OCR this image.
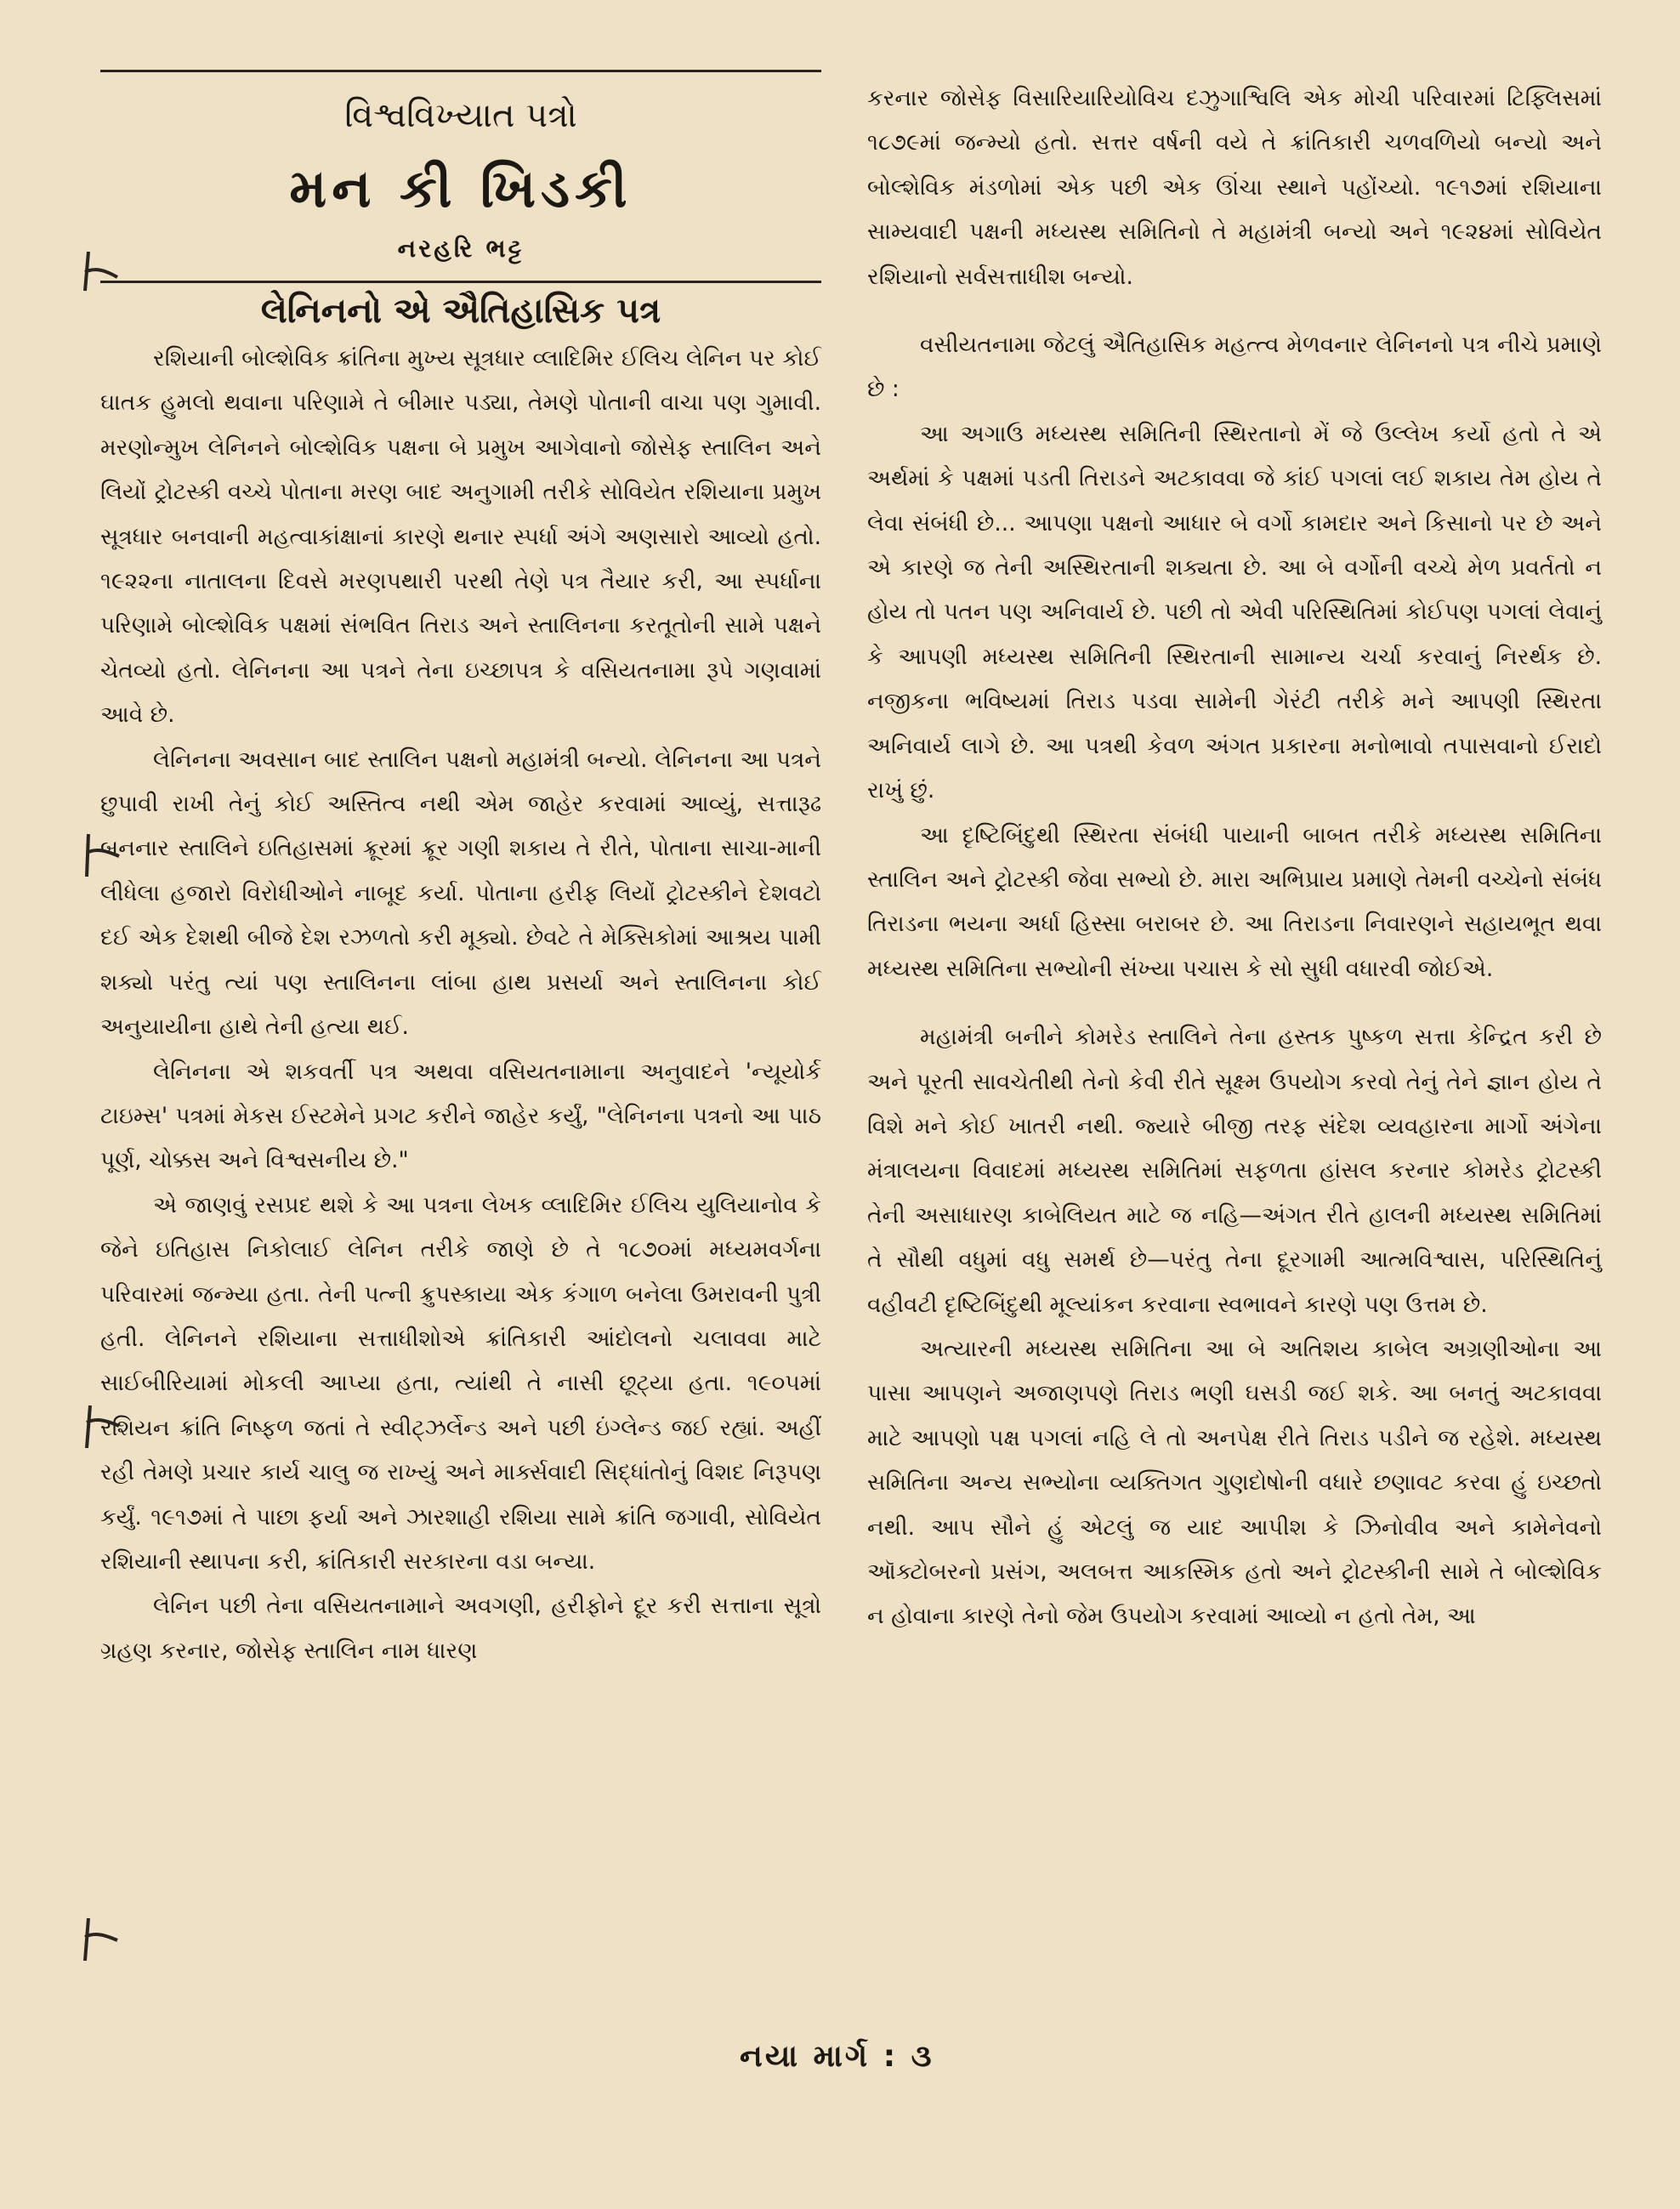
વિશ્વવિખ્યાત પત્રો
મન કી ખિડકી
નરહરિ ભટ્ટ
લેનિનનો એ ઐતિહાસિક પત્ર

રશિયાની બોલ્શેવિક ક્રાંતિના મુખ્ય સૂત્રધાર વ્લાદિમિર ઈલિચ લેનિન પર કોઈ ઘાતક હુમલો થવાના પરિણામે તે બીમાર પડ્યા, તેમણે પોતાની વાચા પણ ગુમાવી. મરણોન્મુખ લેનિનને બોલ્શેવિક પક્ષના બે પ્રમુખ આગેવાનો જોસેફ સ્તાલિન અને લિયોં ટ્રોટસ્કી વચ્ચે પોતાના મરણ બાદ અનુગામી તરીકે સોવિયેત રશિયાના પ્રમુખ સૂત્રધાર બનવાની મહત્વાકાંક્ષાનાં કારણે થનાર સ્પર્ધા અંગે અણસારો આવ્યો હતો. ૧૯૨૨ના નાતાલના દિવસે મરણપથારી પરથી તેણે પત્ર તૈયાર કરી, આ સ્પર્ધાના પરિણામે બોલ્શેવિક પક્ષમાં સંભવિત તિરાડ અને સ્તાલિનના કરતૂતોની સામે પક્ષને ચેતવ્યો હતો. લેનિનના આ પત્રને તેના ઇચ્છાપત્ર કે વસિયતનામા રૂપે ગણવામાં આવે છે.

લેનિનના અવસાન બાદ સ્તાલિન પક્ષનો મહામંત્રી બન્યો. લેનિનના આ પત્રને છુપાવી રાખી તેનું કોઈ અસ્તિત્વ નથી એમ જાહેર કરવામાં આવ્યું, સત્તારૂઢ બનનાર સ્તાલિને ઇતિહાસમાં ક્રૂરમાં ક્રૂર ગણી શકાય તે રીતે, પોતાના સાચા-માની લીધેલા હજારો વિરોધીઓને નાબૂદ કર્યા. પોતાના હરીફ લિયોં ટ્રોટસ્કીને દેશવટો દઈ એક દેશથી બીજે દેશ રઝળતો કરી મૂક્યો. છેવટે તે મેક્સિકોમાં આશ્રય પામી શક્યો પરંતુ ત્યાં પણ સ્તાલિનના લાંબા હાથ પ્રસર્યા અને સ્તાલિનના કોઈ અનુયાયીના હાથે તેની હત્યા થઈ.

લેનિનના એ શકવર્તી પત્ર અથવા વસિયતનામાના અનુવાદને 'ન્યૂયોર્ક ટાઇમ્સ' પત્રમાં મેકસ ઈસ્ટમેને પ્રગટ કરીને જાહેર કર્યું, "લેનિનના પત્રનો આ પાઠ પૂર્ણ, ચોક્કસ અને વિશ્વસનીય છે."

એ જાણવું રસપ્રદ થશે કે આ પત્રના લેખક વ્લાદિમિર ઈલિચ યુલિયાનોવ કે જેને ઇતિહાસ નિકોલાઈ લેનિન તરીકે જાણે છે તે ૧૮૭૦માં મધ્યમવર્ગના પરિવારમાં જન્મ્યા હતા. તેની પત્ની ક્રુપસ્કાયા એક કંગાળ બનેલા ઉમરાવની પુત્રી હતી. લેનિનને રશિયાના સત્તાધીશોએ ક્રાંતિકારી આંદોલનો ચલાવવા માટે સાઈબીરિયામાં મોકલી આપ્યા હતા, ત્યાંથી તે નાસી છૂટ્યા હતા. ૧૯૦૫માં રશિયન ક્રાંતિ નિષ્ફળ જતાં તે સ્વીટ્ઝર્લેન્ડ અને પછી ઇંગ્લેન્ડ જઈ રહ્યાં. અહીં રહી તેમણે પ્રચાર કાર્ય ચાલુ જ રાખ્યું અને માર્ક્સવાદી સિદ્ધાંતોનું વિશદ નિરૂપણ કર્યું. ૧૯૧૭માં તે પાછા ફર્યા અને ઝારશાહી રશિયા સામે ક્રાંતિ જગાવી, સોવિયેત રશિયાની સ્થાપના કરી, ક્રાંતિકારી સરકારના વડા બન્યા.

લેનિન પછી તેના વસિયતનામાને અવગણી, હરીફોને દૂર કરી સત્તાના સૂત્રો ગ્રહણ કરનાર, જોસેફ સ્તાલિન નામ ધારણ

કરનાર જોસેફ વિસારિયારિયોવિચ દઝુગાશ્વિલિ એક મોચી પરિવારમાં ટિફ્લિસમાં ૧૮૭૯માં જન્મ્યો હતો. સત્તર વર્ષની વયે તે ક્રાંતિકારી ચળવળિયો બન્યો અને બોલ્શેવિક મંડળોમાં એક પછી એક ઊંચા સ્થાને પહોંચ્યો. ૧૯૧૭માં રશિયાના સામ્યવાદી પક્ષની મધ્યસ્થ સમિતિનો તે મહામંત્રી બન્યો અને ૧૯૨૪માં સોવિયેત રશિયાનો સર્વસત્તાધીશ બન્યો.

વસીયતનામા જેટલું ઐતિહાસિક મહત્ત્વ મેળવનાર લેનિનનો પત્ર નીચે પ્રમાણે છે :

આ અગાઉ મધ્યસ્થ સમિતિની સ્થિરતાનો મેં જે ઉલ્લેખ કર્યો હતો તે એ અર્થમાં કે પક્ષમાં પડતી તિરાડને અટકાવવા જે કાંઈ પગલાં લઈ શકાય તેમ હોય તે લેવા સંબંધી છે... આપણા પક્ષનો આધાર બે વર્ગો કામદાર અને કિસાનો પર છે અને એ કારણે જ તેની અસ્થિરતાની શક્યતા છે. આ બે વર્ગોની વચ્ચે મેળ પ્રવર્તતો ન હોય તો પતન પણ અનિવાર્ય છે. પછી તો એવી પરિસ્થિતિમાં કોઈપણ પગલાં લેવાનું કે આપણી મધ્યસ્થ સમિતિની સ્થિરતાની સામાન્ય ચર્ચા કરવાનું નિરર્થક છે. નજીકના ભવિષ્યમાં તિરાડ પડવા સામેની ગેરંટી તરીકે મને આપણી સ્થિરતા અનિવાર્ય લાગે છે. આ પત્રથી કેવળ અંગત પ્રકારના મનોભાવો તપાસવાનો ઈરાદો રાખું છું.

આ દૃષ્ટિબિંદુથી સ્થિરતા સંબંધી પાયાની બાબત તરીકે મધ્યસ્થ સમિતિના સ્તાલિન અને ટ્રોટસ્કી જેવા સભ્યો છે. મારા અભિપ્રાય પ્રમાણે તેમની વચ્ચેનો સંબંધ તિરાડના ભયના અર્ધા હિસ્સા બરાબર છે. આ તિરાડના નિવારણને સહાયભૂત થવા મધ્યસ્થ સમિતિના સભ્યોની સંખ્યા પચાસ કે સો સુધી વધારવી જોઈએ.

મહામંત્રી બનીને કોમરેડ સ્તાલિને તેના હસ્તક પુષ્કળ સત્તા કેન્દ્રિત કરી છે અને પૂરતી સાવચેતીથી તેનો કેવી રીતે સૂક્ષ્મ ઉપયોગ કરવો તેનું તેને જ્ઞાન હોય તે વિશે મને કોઈ ખાતરી નથી. જ્યારે બીજી તરફ સંદેશ વ્યવહારના માર્ગો અંગેના મંત્રાલયના વિવાદમાં મધ્યસ્થ સમિતિમાં સફળતા હાંસલ કરનાર કોમરેડ ટ્રોટસ્કી તેની અસાધારણ કાબેલિયત માટે જ નહિ—અંગત રીતે હાલની મધ્યસ્થ સમિતિમાં તે સૌથી વધુમાં વધુ સમર્થ છે—પરંતુ તેના દૂરગામી આત્મવિશ્વાસ, પરિસ્થિતિનું વહીવટી દૃષ્ટિબિંદુથી મૂલ્યાંકન કરવાના સ્વભાવને કારણે પણ ઉત્તમ છે.

અત્યારની મધ્યસ્થ સમિતિના આ બે અતિશય કાબેલ અગ્રણીઓના આ પાસા આપણને અજાણપણે તિરાડ ભણી ઘસડી જઈ શકે. આ બનતું અટકાવવા માટે આપણો પક્ષ પગલાં નહિ લે તો અનપેક્ષ રીતે તિરાડ પડીને જ રહેશે. મધ્યસ્થ સમિતિના અન્ય સભ્યોના વ્યક્તિગત ગુણદોષોની વધારે છણાવટ કરવા હું ઇચ્છતો નથી. આપ સૌને હું એટલું જ યાદ આપીશ કે ઝિનોવીવ અને કામેનેવનો ઑક્ટોબરનો પ્રસંગ, અલબત્ત આકસ્મિક હતો અને ટ્રોટસ્કીની સામે તે બોલ્શેવિક ન હોવાના કારણે તેનો જેમ ઉપયોગ કરવામાં આવ્યો ન હતો તેમ, આ

નયા માર્ગ : ૩
